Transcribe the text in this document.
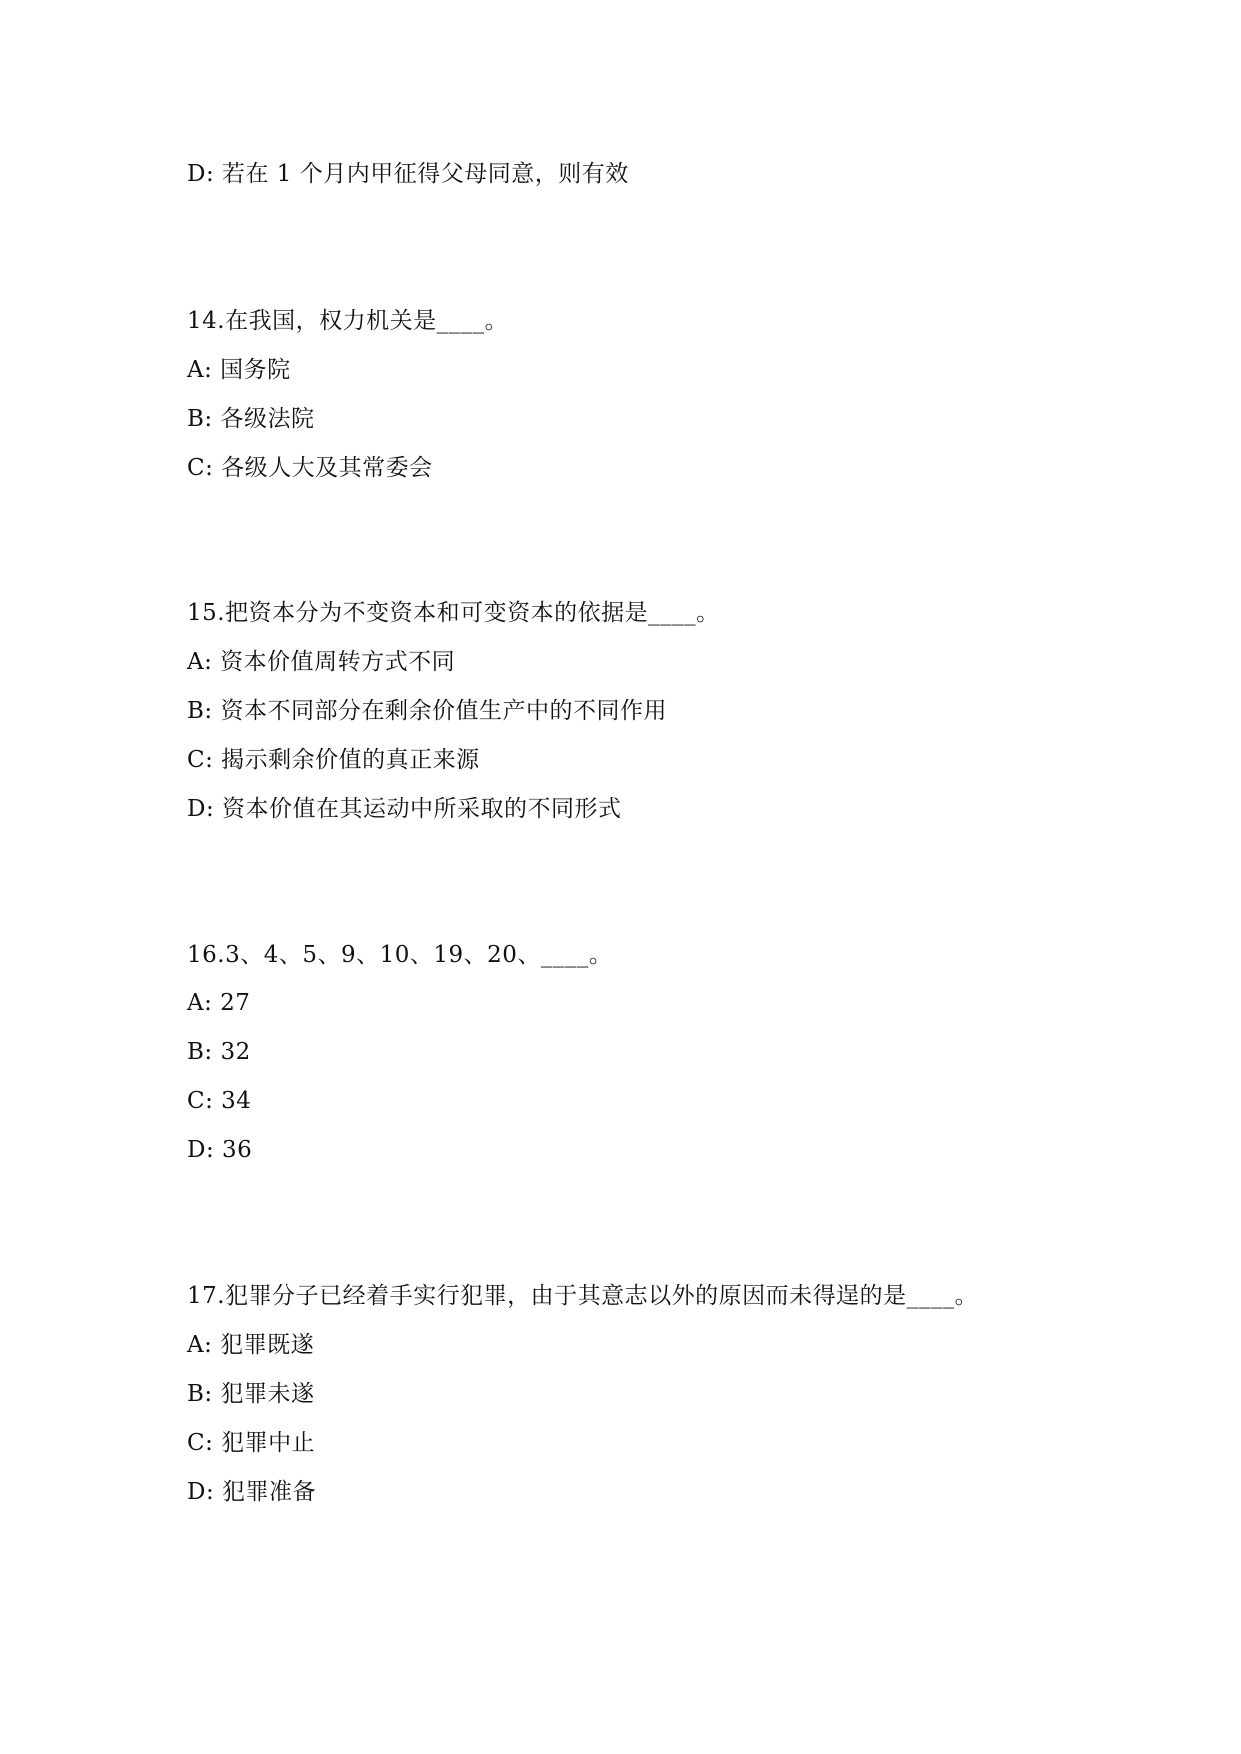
D: 若在 1 个月内甲征得父母同意，则有效
14.在我国，权力机关是____。
A: 国务院
B: 各级法院
C: 各级人大及其常委会
15.把资本分为不变资本和可变资本的依据是____。
A: 资本价值周转方式不同
B: 资本不同部分在剩余价值生产中的不同作用
C: 揭示剩余价值的真正来源
D: 资本价值在其运动中所采取的不同形式
16.3、4、5、9、10、19、20、____。
A: 27
B: 32
C: 34
D: 36
17.犯罪分子已经着手实行犯罪，由于其意志以外的原因而未得逞的是____。
A: 犯罪既遂
B: 犯罪未遂
C: 犯罪中止
D: 犯罪准备
